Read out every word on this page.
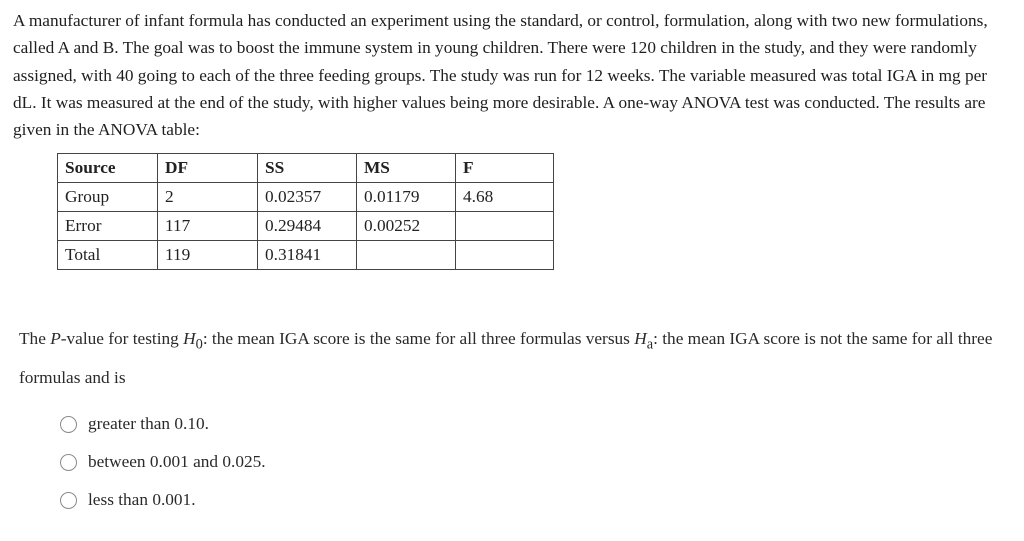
A manufacturer of infant formula has conducted an experiment using the standard, or control, formulation, along with two new formulations, called A and B. The goal was to boost the immune system in young children. There were 120 children in the study, and they were randomly assigned, with 40 going to each of the three feeding groups. The study was run for 12 weeks. The variable measured was total IGA in mg per dL. It was measured at the end of the study, with higher values being more desirable. A one-way ANOVA test was conducted. The results are given in the ANOVA table:

Source	DF	SS	MS	F
Group	2	0.02357	0.01179	4.68
Error	117	0.29484	0.00252	
Total	119	0.31841		

The P-value for testing $H_0$: the mean IGA score is the same for all three formulas versus $H_a$: the mean IGA score is not the same for all three formulas and is

greater than 0.10.
between 0.001 and 0.025.
less than 0.001.
